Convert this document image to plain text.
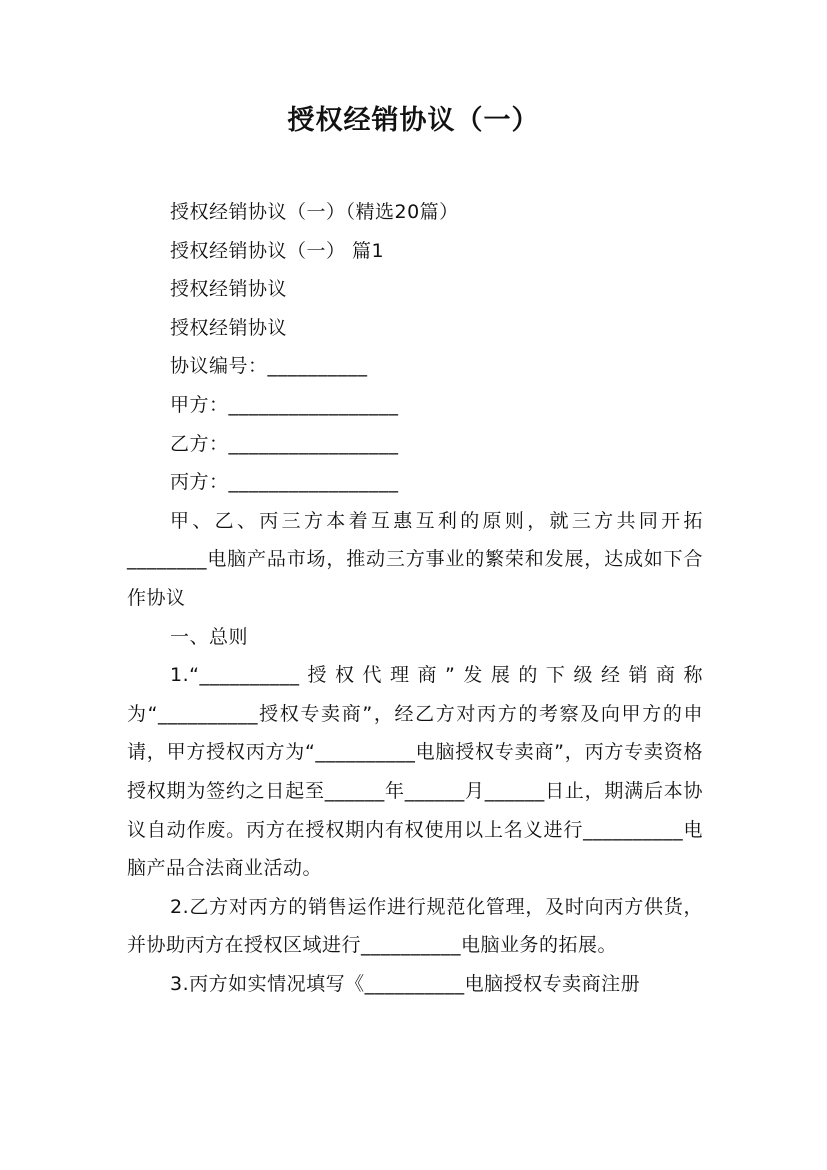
授权经销协议（一）
授权经销协议（一）（精选20篇）
授权经销协议（一） 篇1
授权经销协议
授权经销协议
协议编号：__________
甲方：_________________
乙方：_________________
丙方：_________________

甲、乙、丙三方本着互惠互利的原则，就三方共同开拓________电脑产品市场，推动三方事业的繁荣和发展，达成如下合作协议

一、总则

1.“__________授权代理商”发展的下级经销商称为“__________授权专卖商”，经乙方对丙方的考察及向甲方的申请，甲方授权丙方为“__________电脑授权专卖商”，丙方专卖资格授权期为签约之日起至______年______月______日止，期满后本协议自动作废。丙方在授权期内有权使用以上名义进行__________电脑产品合法商业活动。

2.乙方对丙方的销售运作进行规范化管理，及时向丙方供货，并协助丙方在授权区域进行__________电脑业务的拓展。

3.丙方如实情况填写《__________电脑授权专卖商注册
